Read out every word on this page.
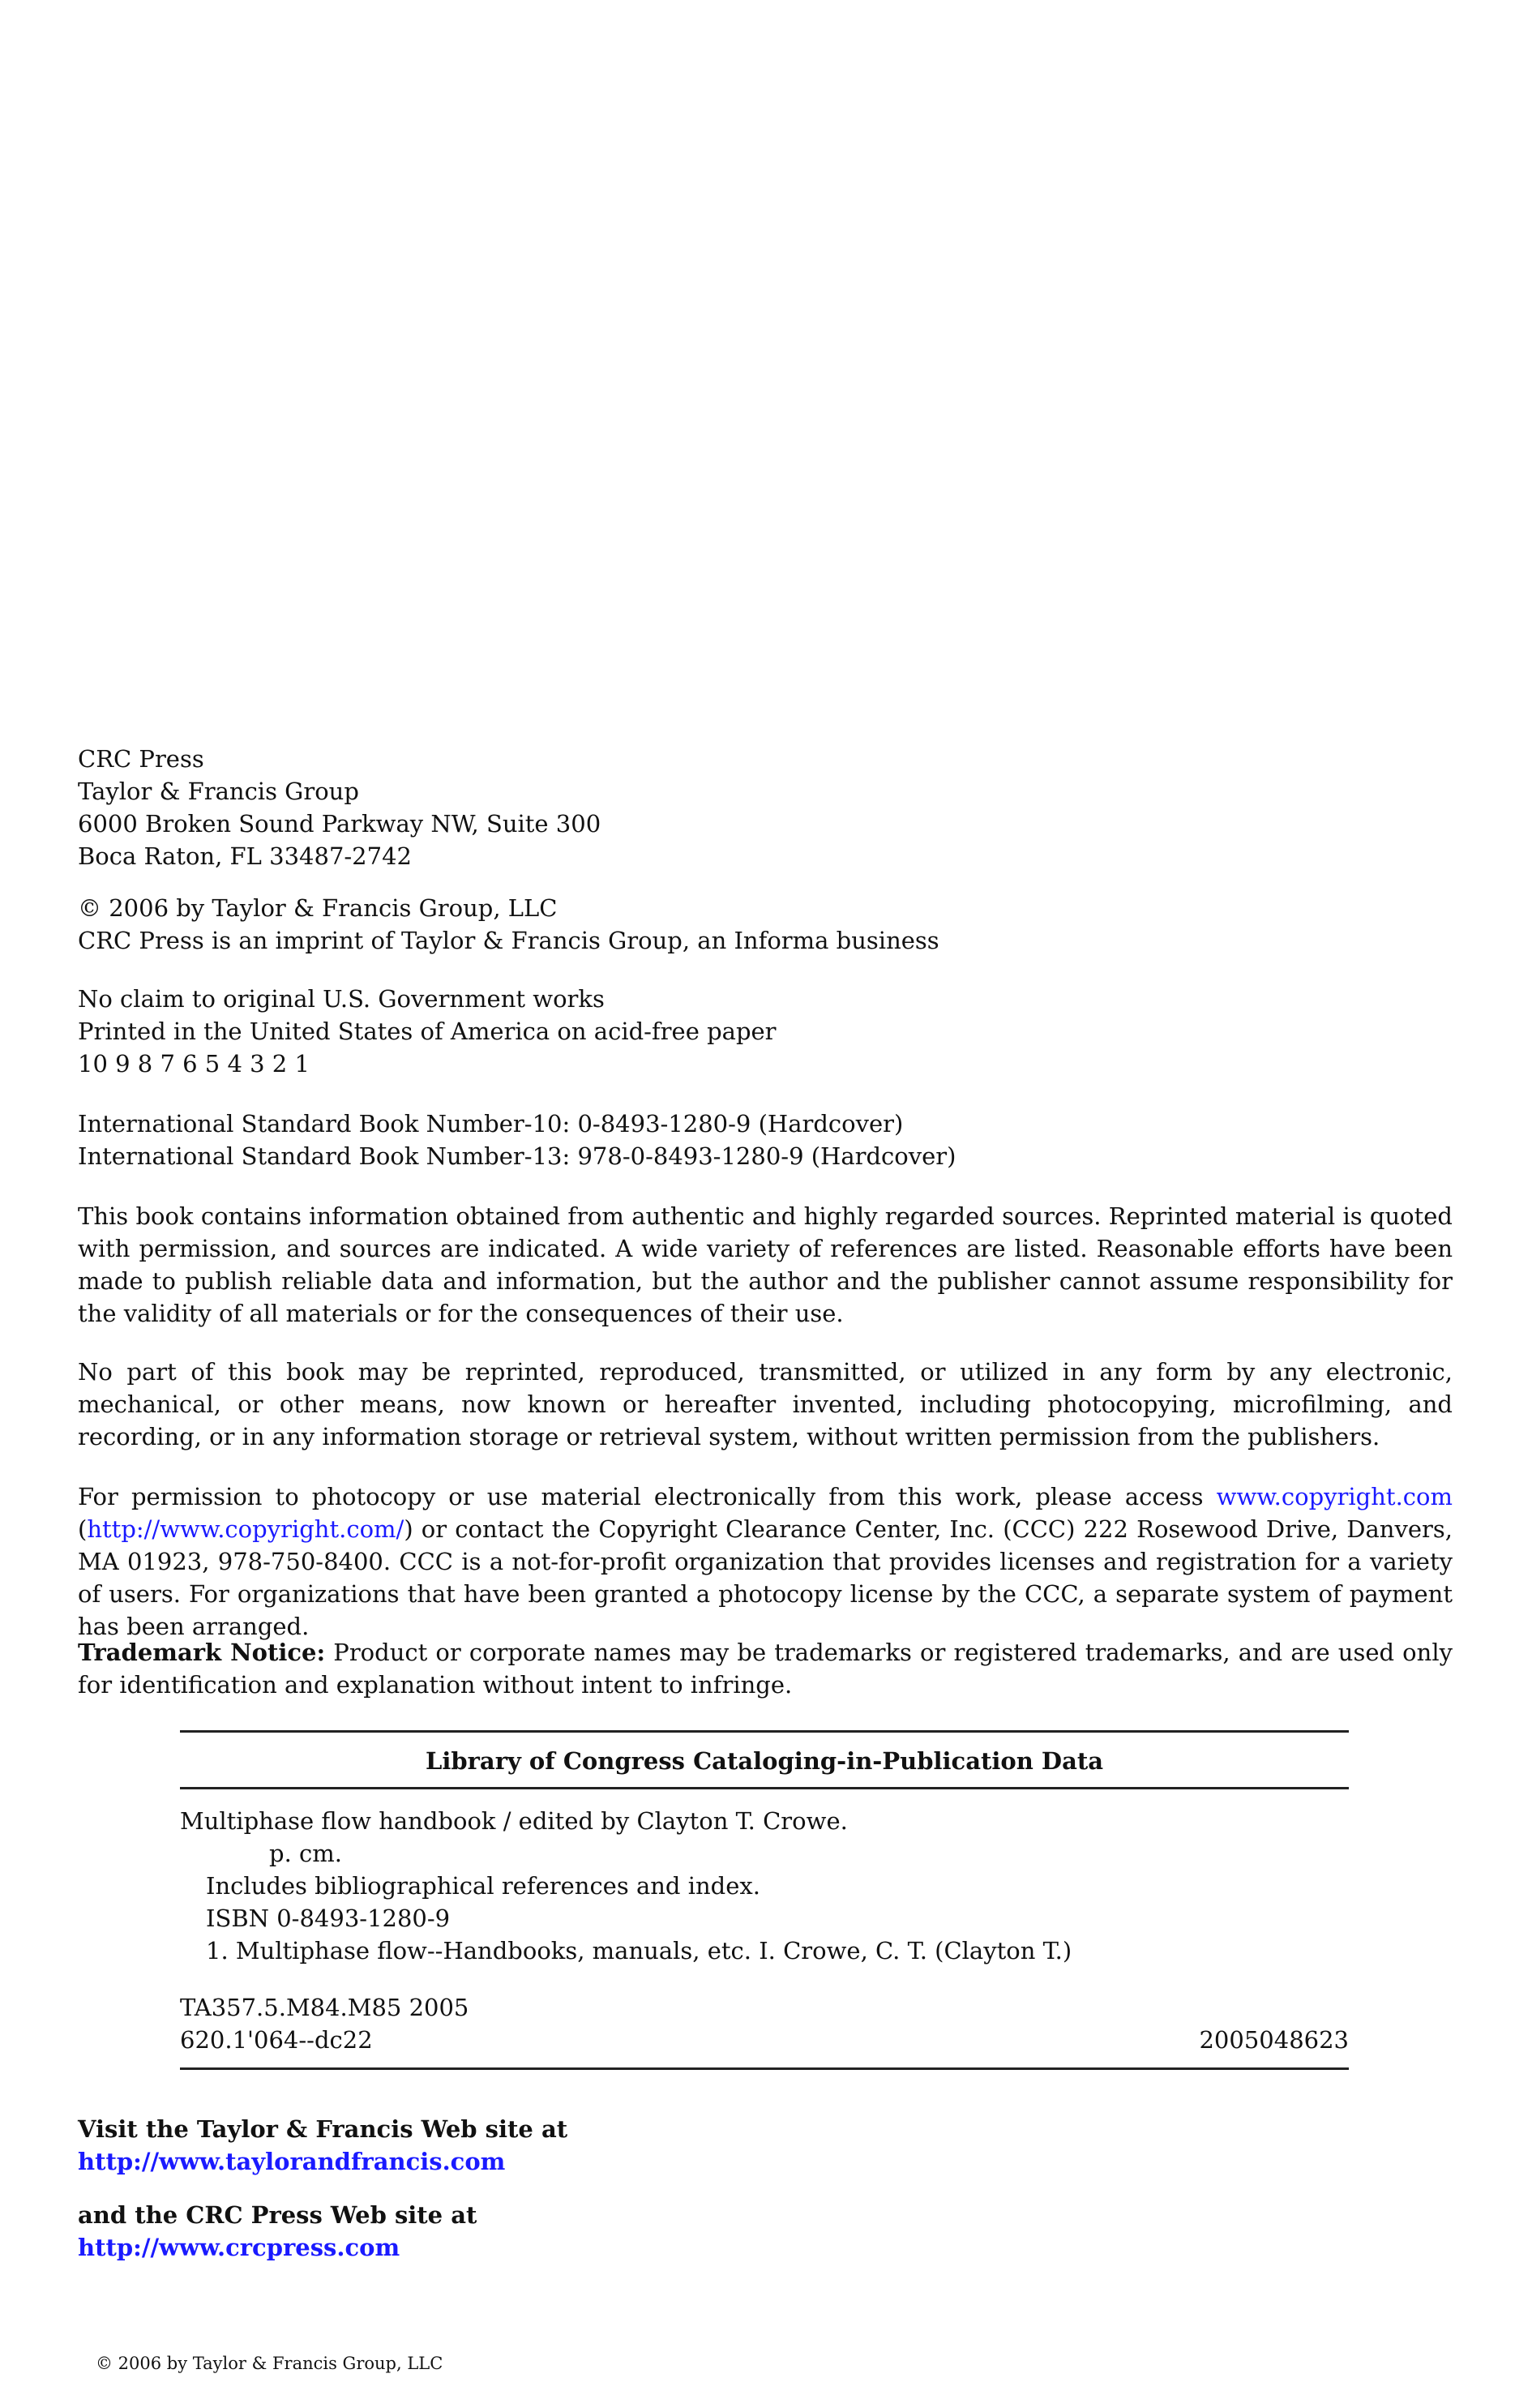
CRC Press
Taylor & Francis Group
6000 Broken Sound Parkway NW, Suite 300
Boca Raton, FL 33487-2742
© 2006 by Taylor & Francis Group, LLC
CRC Press is an imprint of Taylor & Francis Group, an Informa business
No claim to original U.S. Government works
Printed in the United States of America on acid-free paper
10 9 8 7 6 5 4 3 2 1
International Standard Book Number-10: 0-8493-1280-9 (Hardcover)
International Standard Book Number-13: 978-0-8493-1280-9 (Hardcover)
This book contains information obtained from authentic and highly regarded sources. Reprinted material is quoted with permission, and sources are indicated. A wide variety of references are listed. Reasonable efforts have been made to publish reliable data and information, but the author and the publisher cannot assume responsibility for the validity of all materials or for the consequences of their use.
No part of this book may be reprinted, reproduced, transmitted, or utilized in any form by any electronic, mechanical, or other means, now known or hereafter invented, including photocopying, microfilming, and recording, or in any information storage or retrieval system, without written permission from the publishers.
For permission to photocopy or use material electronically from this work, please access www.copyright.com (http://www.copyright.com/) or contact the Copyright Clearance Center, Inc. (CCC) 222 Rosewood Drive, Danvers, MA 01923, 978-750-8400. CCC is a not-for-profit organization that provides licenses and registration for a variety of users. For organizations that have been granted a photocopy license by the CCC, a separate system of payment has been arranged.
Trademark Notice: Product or corporate names may be trademarks or registered trademarks, and are used only for identification and explanation without intent to infringe.
Library of Congress Cataloging-in-Publication Data
Multiphase flow handbook / edited by Clayton T. Crowe.
p. cm.
Includes bibliographical references and index.
ISBN 0-8493-1280-9
1. Multiphase flow--Handbooks, manuals, etc. I. Crowe, C. T. (Clayton T.)
TA357.5.M84.M85 2005
620.1'064--dc22	2005048623
Visit the Taylor & Francis Web site at
http://www.taylorandfrancis.com
and the CRC Press Web site at
http://www.crcpress.com
© 2006 by Taylor & Francis Group, LLC
